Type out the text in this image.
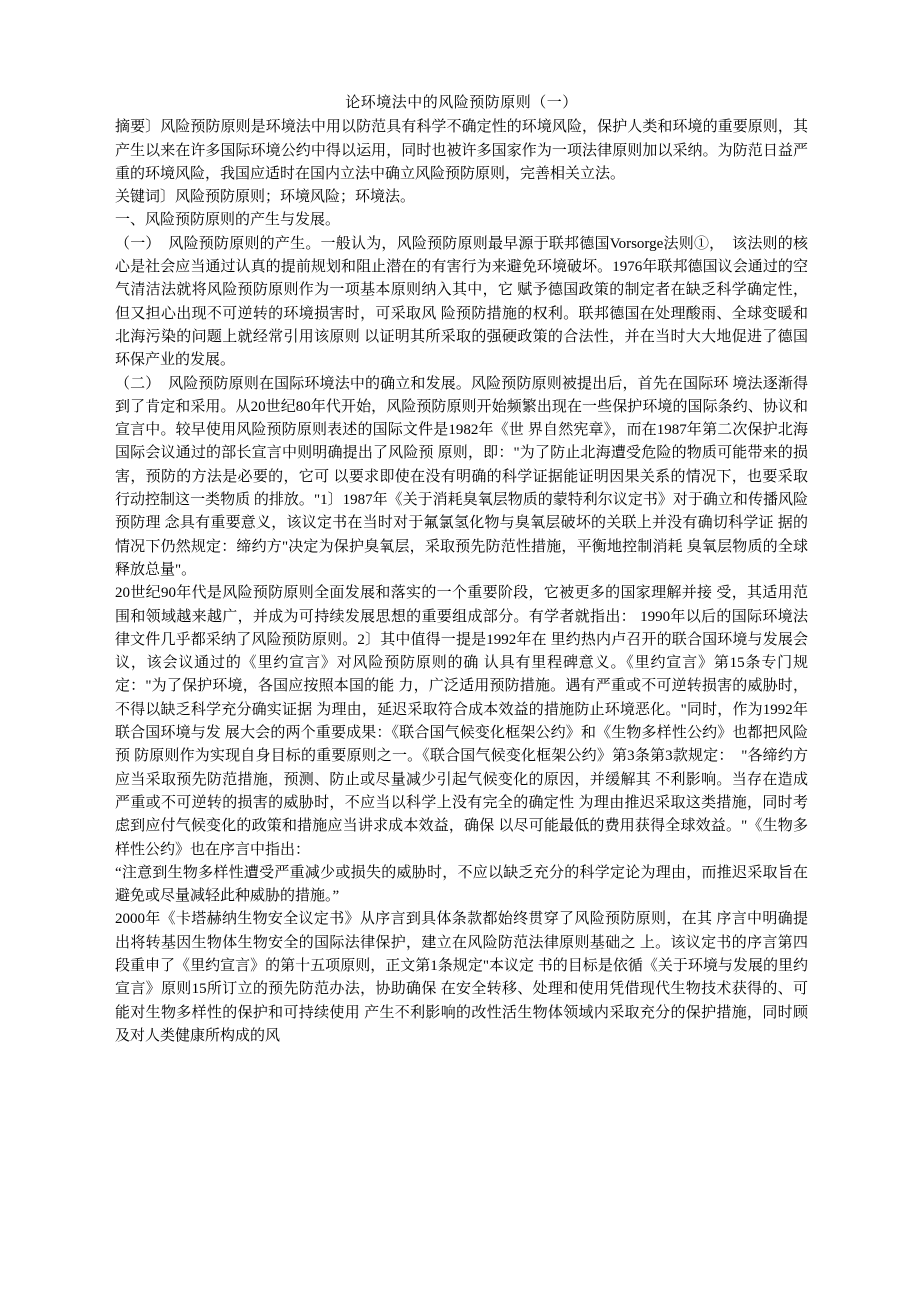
论环境法中的风险预防原则（一）

摘要〕风险预防原则是环境法中用以防范具有科学不确定性的环境风险，保护人类和环境的重要原则，其产生以来在许多国际环境公约中得以运用，同时也被许多国家作为一项法律原则加以采纳。为防范日益严重的环境风险，我国应适时在国内立法中确立风险预防原则，完善相关立法。

关键词〕风险预防原则；环境风险；环境法。

一、风险预防原则的产生与发展。

（一）　风险预防原则的产生。一般认为，风险预防原则最早源于联邦德国Vorsorge法则①，　该法则的核心是社会应当通过认真的提前规划和阻止潜在的有害行为来避免环境破坏。1976年联邦德国议会通过的空气清洁法就将风险预防原则作为一项基本原则纳入其中，它 赋予德国政策的制定者在缺乏科学确定性，但又担心出现不可逆转的环境损害时，可采取风 险预防措施的权利。联邦德国在处理酸雨、全球变暖和北海污染的问题上就经常引用该原则 以证明其所采取的强硬政策的合法性，并在当时大大地促进了德国环保产业的发展。

（二）　风险预防原则在国际环境法中的确立和发展。风险预防原则被提出后，首先在国际环 境法逐渐得到了肯定和采用。从20世纪80年代开始，风险预防原则开始频繁出现在一些保护环境的国际条约、协议和宣言中。较早使用风险预防原则表述的国际文件是1982年《世 界自然宪章》，而在1987年第二次保护北海国际会议通过的部长宣言中则明确提出了风险预 原则，即："为了防止北海遭受危险的物质可能带来的损害，预防的方法是必要的，它可 以要求即使在没有明确的科学证据能证明因果关系的情况下，也要采取行动控制这一类物质 的排放。"1〕1987年《关于消耗臭氧层物质的蒙特利尔议定书》对于确立和传播风险预防理 念具有重要意义，该议定书在当时对于氟氯氢化物与臭氧层破坏的关联上并没有确切科学证 据的情况下仍然规定：缔约方"决定为保护臭氧层，采取预先防范性措施，平衡地控制消耗 臭氧层物质的全球释放总量"。

20世纪90年代是风险预防原则全面发展和落实的一个重要阶段，它被更多的国家理解并接 受，其适用范围和领域越来越广，并成为可持续发展思想的重要组成部分。有学者就指出： 1990年以后的国际环境法律文件几乎都采纳了风险预防原则。2〕其中值得一提是1992年在 里约热内卢召开的联合国环境与发展会议，该会议通过的《里约宣言》对风险预防原则的确 认具有里程碑意义。《里约宣言》第15条专门规定："为了保护环境，各国应按照本国的能 力，广泛适用预防措施。遇有严重或不可逆转损害的威胁时，不得以缺乏科学充分确实证据 为理由，延迟采取符合成本效益的措施防止环境恶化。"同时，作为1992年联合国环境与发 展大会的两个重要成果：《联合国气候变化框架公约》和《生物多样性公约》也都把风险预 防原则作为实现自身目标的重要原则之一。《联合国气候变化框架公约》第3条第3款规定：　"各缔约方应当采取预先防范措施，预测、防止或尽量减少引起气候变化的原因，并缓解其 不利影响。当存在造成严重或不可逆转的损害的威胁时，不应当以科学上没有完全的确定性 为理由推迟采取这类措施，同时考虑到应付气候变化的政策和措施应当讲求成本效益，确保 以尽可能最低的费用获得全球效益。"《生物多样性公约》也在序言中指出：

“注意到生物多样性遭受严重减少或损失的威胁时，不应以缺乏充分的科学定论为理由，而推迟采取旨在避免或尽量减轻此种威胁的措施。”

2000年《卡塔赫纳生物安全议定书》从序言到具体条款都始终贯穿了风险预防原则，在其 序言中明确提出将转基因生物体生物安全的国际法律保护，建立在风险防范法律原则基础之 上。该议定书的序言第四段重申了《里约宣言》的第十五项原则，正文第1条规定"本议定 书的目标是依循《关于环境与发展的里约宣言》原则15所订立的预先防范办法，协助确保 在安全转移、处理和使用凭借现代生物技术获得的、可能对生物多样性的保护和可持续使用 产生不利影响的改性活生物体领域内采取充分的保护措施，同时顾及对人类健康所构成的风
